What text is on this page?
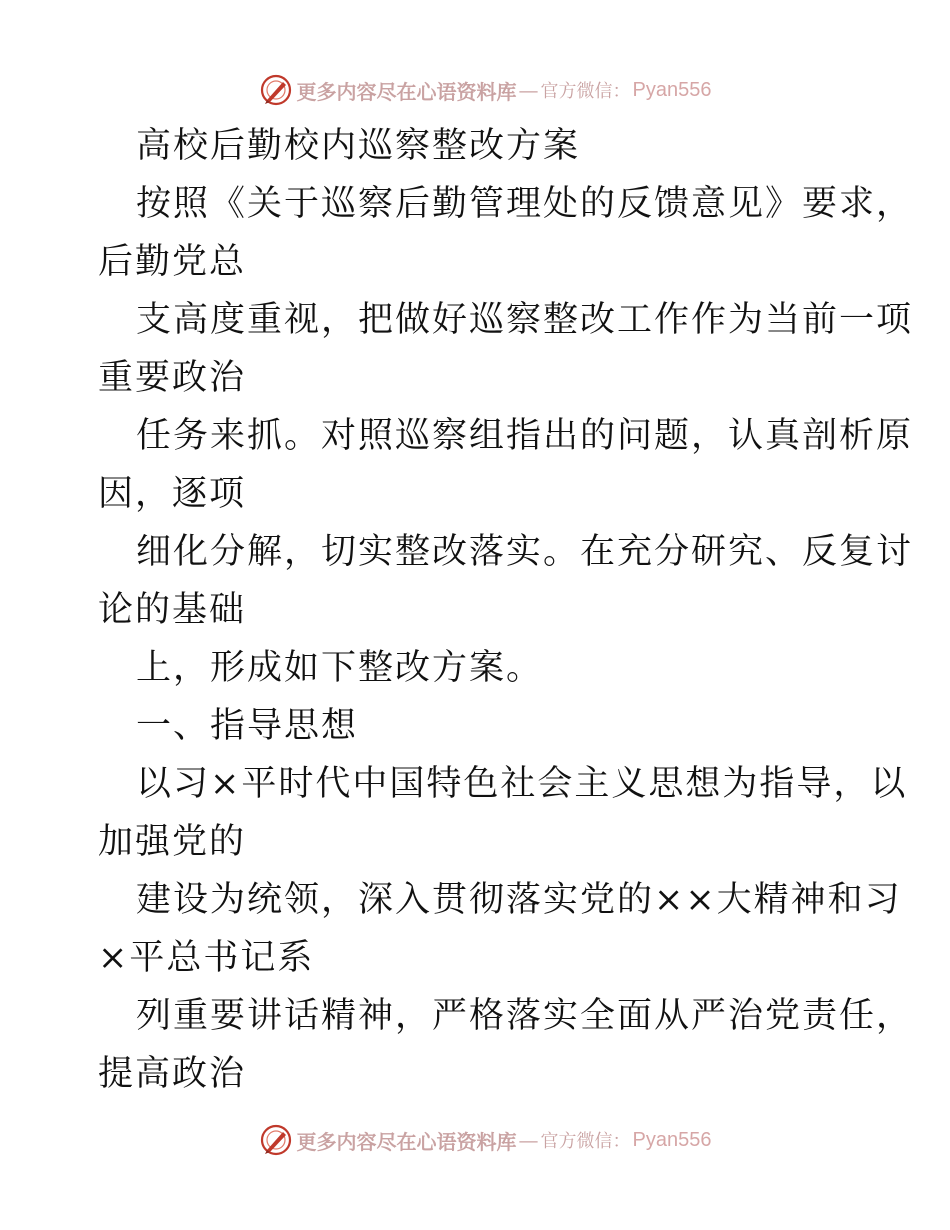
更多内容尽在心语资料库 — 官方微信： Pyan556
高校后勤校内巡察整改方案
按照《关于巡察后勤管理处的反馈意见》要求，
后勤党总
支高度重视，把做好巡察整改工作作为当前一项
重要政治
任务来抓。对照巡察组指出的问题，认真剖析原
因，逐项
细化分解，切实整改落实。在充分研究、反复讨
论的基础
上，形成如下整改方案。
一、指导思想
以习×平时代中国特色社会主义思想为指导，以
加强党的
建设为统领，深入贯彻落实党的××大精神和习
×平总书记系
列重要讲话精神，严格落实全面从严治党责任，
提高政治
更多内容尽在心语资料库 — 官方微信： Pyan556
